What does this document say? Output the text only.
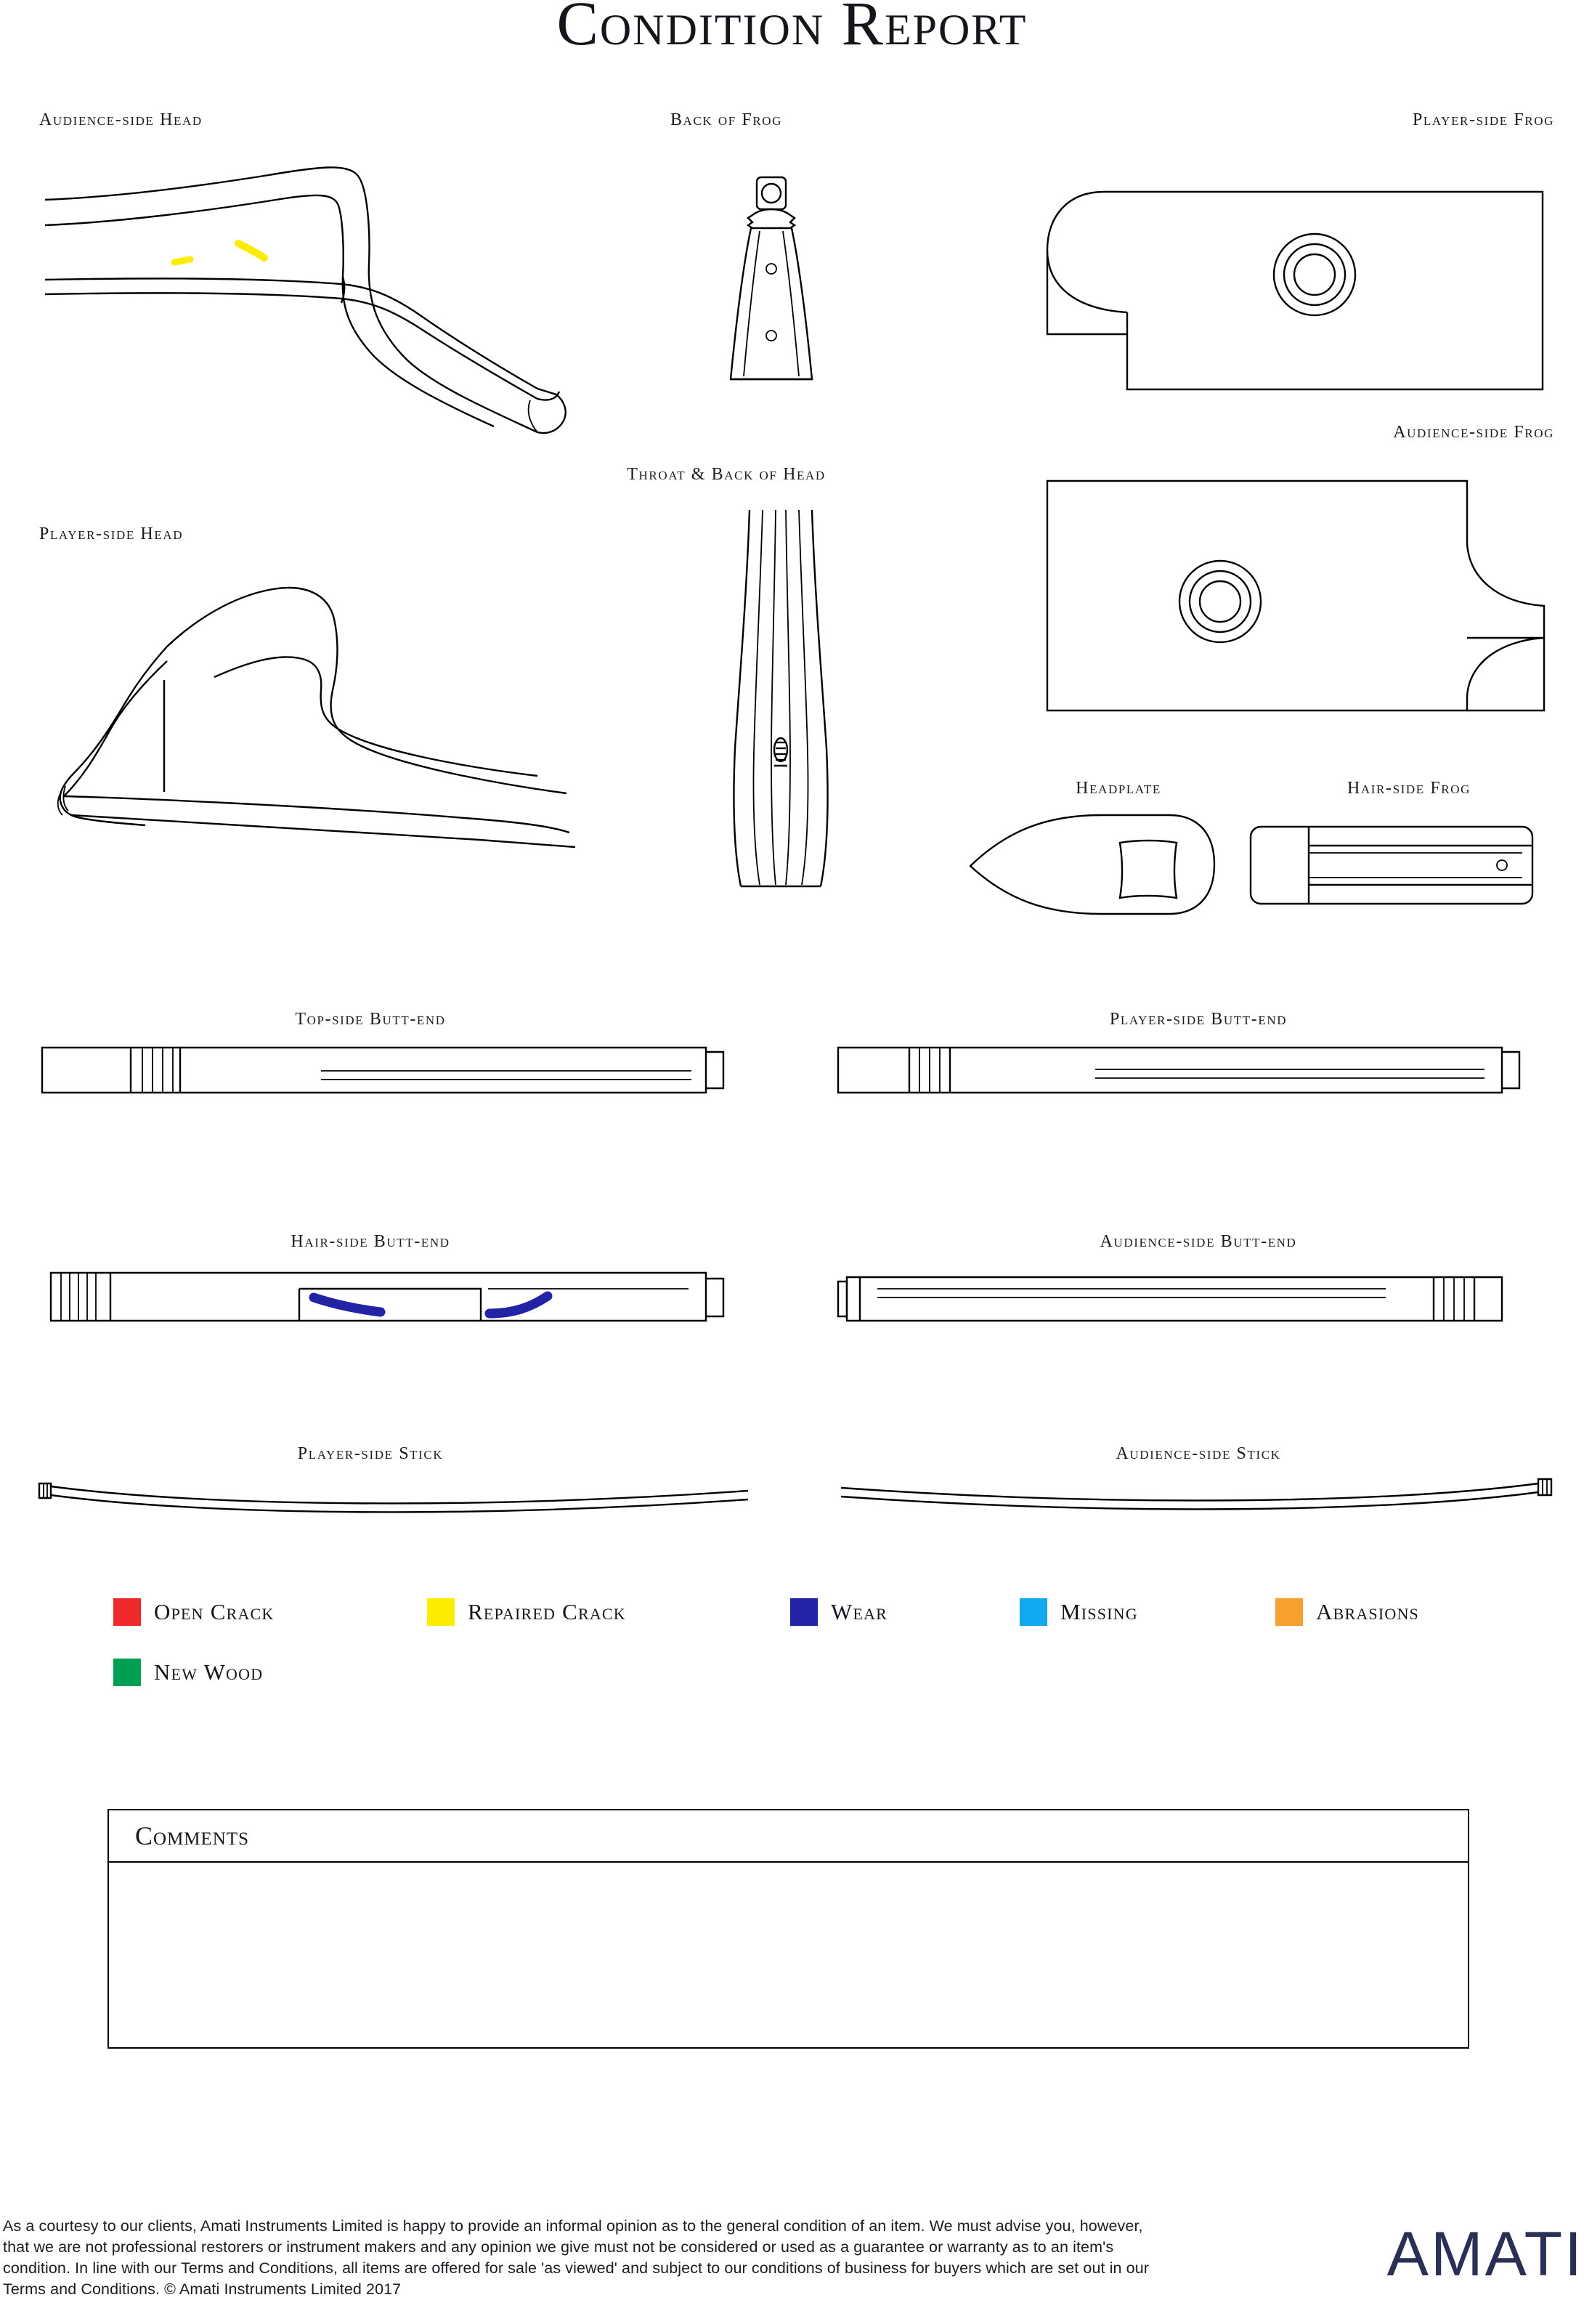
Condition Report
Audience-side Head	Back of Frog	Player-side Frog
Player-side Head
Throat & Back of Head
Audience-side Frog
Headplate	Hair-side Frog
Top-side Butt-end	Player-side Butt-end
Hair-side Butt-end	Audience-side Butt-end
Player-side Stick	Audience-side Stick
Open Crack	Repaired Crack	Wear	Missing	Abrasions
New Wood
Comments
As a courtesy to our clients, Amati Instruments Limited is happy to provide an informal opinion as to the general condition of an item. We must advise you, however, that we are not professional restorers or instrument makers and any opinion we give must not be considered or used as a guarantee or warranty as to an item's condition. In line with our Terms and Conditions, all items are offered for sale 'as viewed' and subject to our conditions of business for buyers which are set out in our Terms and Conditions. © Amati Instruments Limited 2017	AMATI
